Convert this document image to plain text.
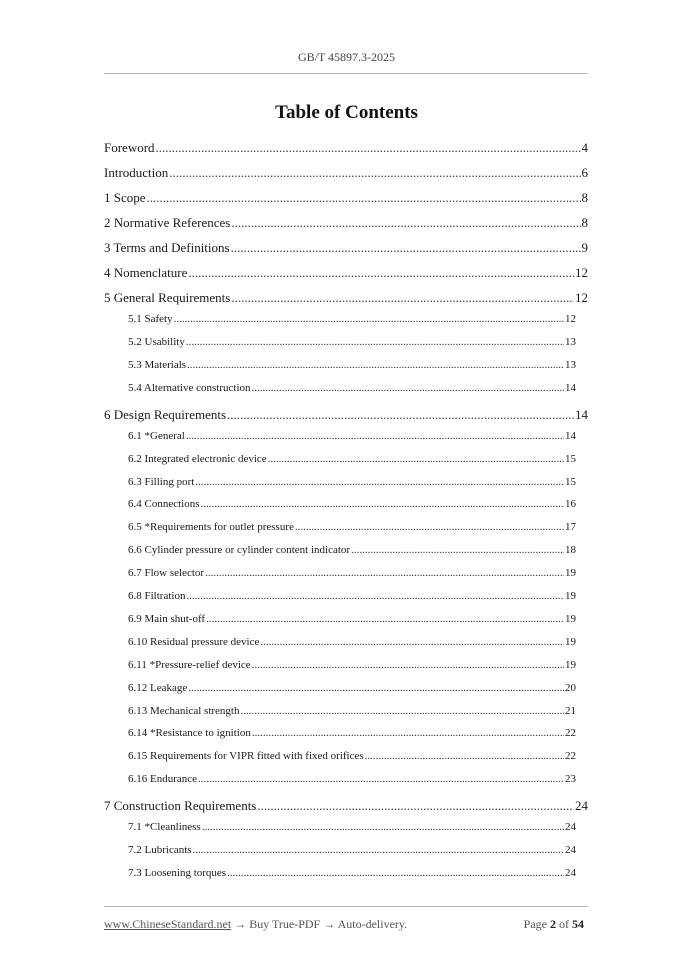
GB/T 45897.3-2025
Table of Contents
Foreword .....	4
Introduction .....	6
1 Scope .....	8
2 Normative References .....	8
3 Terms and Definitions .....	9
4 Nomenclature .....	12
5 General Requirements .....	12
5.1 Safety .....	12
5.2 Usability .....	13
5.3 Materials .....	13
5.4 Alternative construction .....	14
6 Design Requirements .....	14
6.1 *General .....	14
6.2 Integrated electronic device .....	15
6.3 Filling port .....	15
6.4 Connections .....	16
6.5 *Requirements for outlet pressure .....	17
6.6 Cylinder pressure or cylinder content indicator .....	18
6.7 Flow selector .....	19
6.8 Filtration .....	19
6.9 Main shut-off .....	19
6.10 Residual pressure device .....	19
6.11 *Pressure-relief device .....	19
6.12 Leakage .....	20
6.13 Mechanical strength .....	21
6.14 *Resistance to ignition .....	22
6.15 Requirements for VIPR fitted with fixed orifices .....	22
6.16 Endurance .....	23
7 Construction Requirements .....	24
7.1 *Cleanliness .....	24
7.2 Lubricants .....	24
7.3 Loosening torques .....	24
www.ChineseStandard.net → Buy True-PDF → Auto-delivery.	Page 2 of 54
